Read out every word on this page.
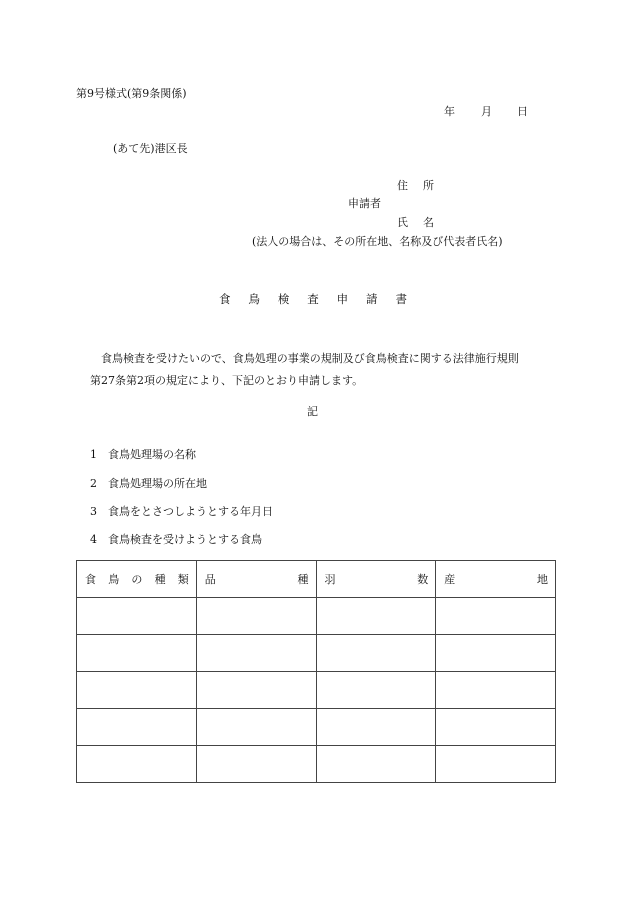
第9号様式(第9条関係)
年 月 日
(あて先)港区長
住 所
申請者
氏 名
(法人の場合は、その所在地、名称及び代表者氏名)
食 鳥 検 査 申 請 書
食鳥検査を受けたいので、食鳥処理の事業の規制及び食鳥検査に関する法律施行規則
第27条第2項の規定により、下記のとおり申請します。
記
1 食鳥処理場の名称
2 食鳥処理場の所在地
3 食鳥をとさつしようとする年月日
4 食鳥検査を受けようとする食鳥
食 鳥 の 種 類	品 種	羽 数	産 地
